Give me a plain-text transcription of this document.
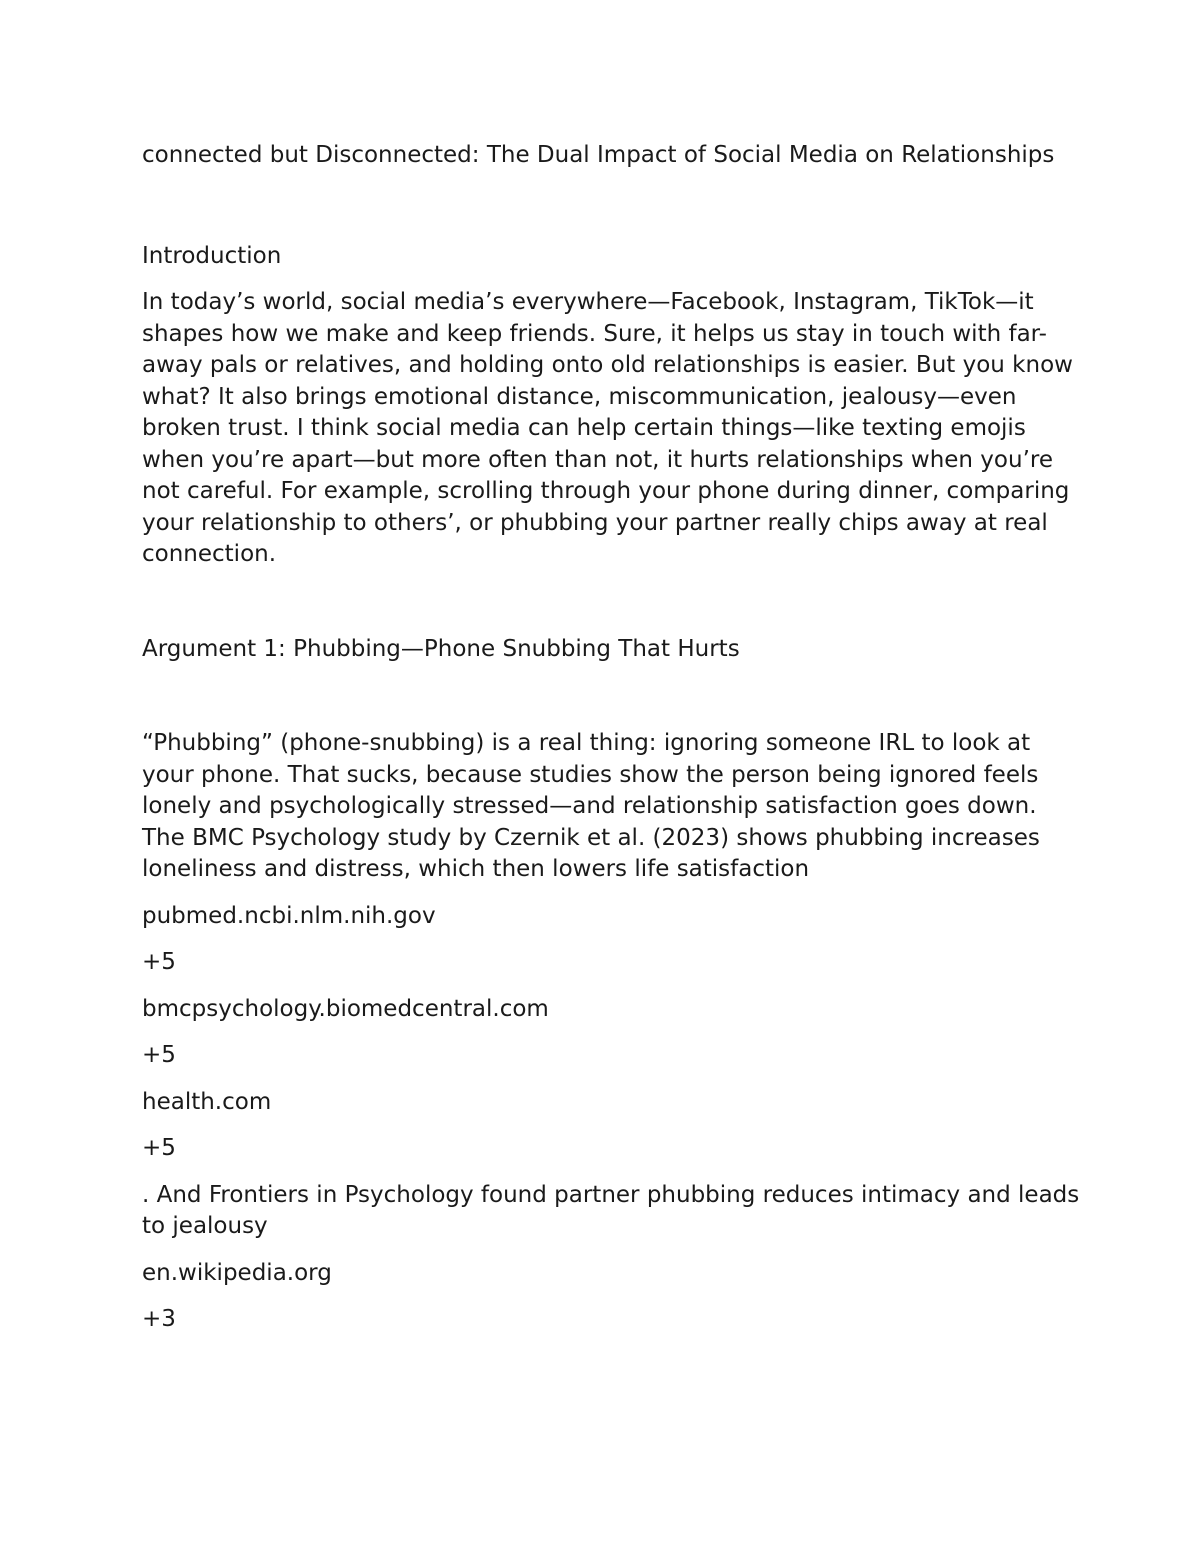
connected but Disconnected: The Dual Impact of Social Media on Relationships

Introduction

In today’s world, social media’s everywhere—Facebook, Instagram, TikTok—it shapes how we make and keep friends. Sure, it helps us stay in touch with far-away pals or relatives, and holding onto old relationships is easier. But you know what? It also brings emotional distance, miscommunication, jealousy—even broken trust. I think social media can help certain things—like texting emojis when you’re apart—but more often than not, it hurts relationships when you’re not careful. For example, scrolling through your phone during dinner, comparing your relationship to others’, or phubbing your partner really chips away at real connection.

Argument 1: Phubbing—Phone Snubbing That Hurts

“Phubbing” (phone-snubbing) is a real thing: ignoring someone IRL to look at your phone. That sucks, because studies show the person being ignored feels lonely and psychologically stressed—and relationship satisfaction goes down. The BMC Psychology study by Czernik et al. (2023) shows phubbing increases loneliness and distress, which then lowers life satisfaction

pubmed.ncbi.nlm.nih.gov

+5

bmcpsychology.biomedcentral.com

+5

health.com

+5

. And Frontiers in Psychology found partner phubbing reduces intimacy and leads to jealousy

en.wikipedia.org

+3
